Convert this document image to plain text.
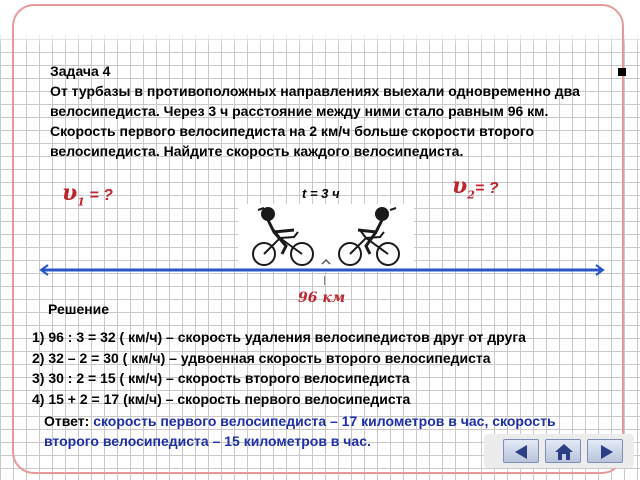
Задача 4
От турбазы в противоположных направлениях выехали одновременно два велосипедиста. Через 3 ч расстояние между ними стало равным 96 км. Скорость первого велосипедиста на 2 км/ч больше скорости второго велосипедиста. Найдите скорость каждого велосипедиста.
$\upsilon_1$ = ?	$\upsilon_2=$ ?
t = 3 ч
96 км
Решение
1) 96 : 3 = 32 ( км/ч) – скорость удаления велосипедистов друг от друга
2) 32 – 2 = 30 ( км/ч) – удвоенная скорость второго велосипедиста
3) 30 : 2 = 15 ( км/ч) – скорость второго велосипедиста
4) 15 + 2 = 17 (км/ч) – скорость первого велосипедиста
Ответ: скорость первого велосипедиста – 17 километров в час, скорость второго велосипедиста – 15 километров в час.
